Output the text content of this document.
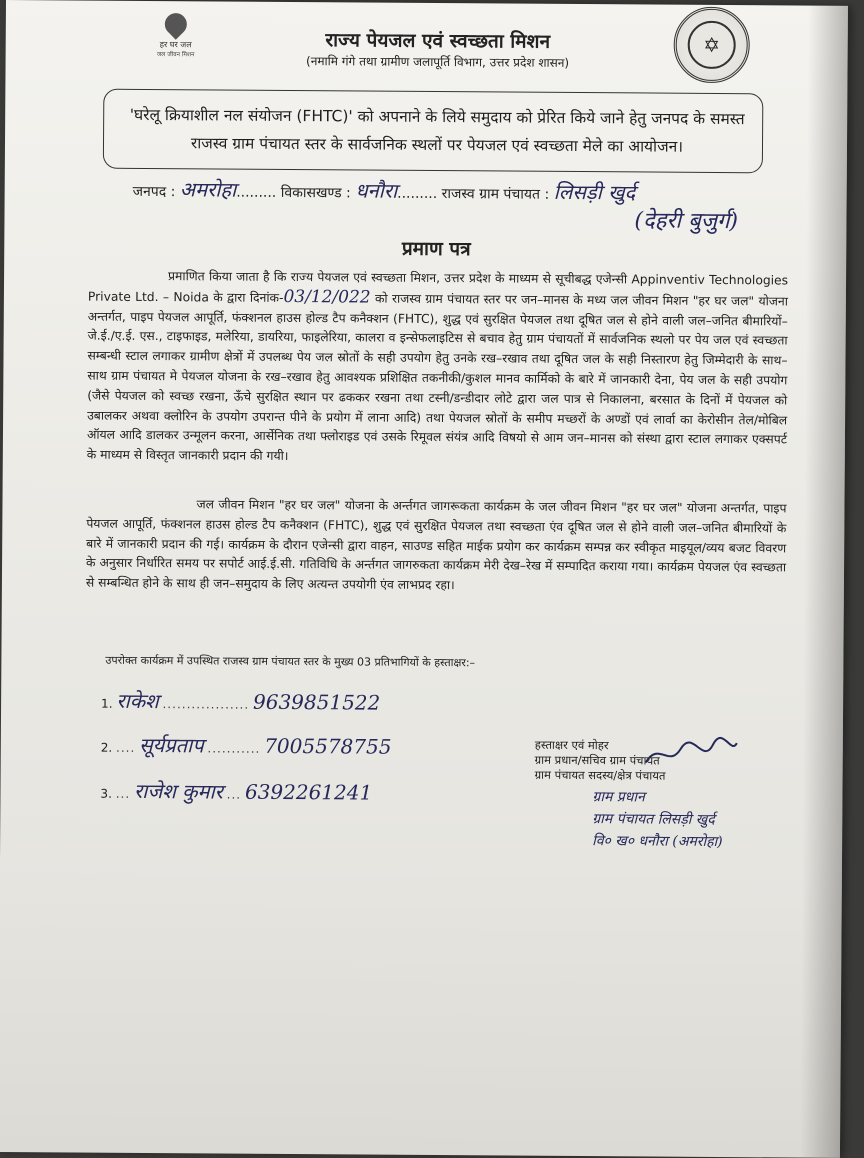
हर घर जल
जल जीवन मिशन	✡
राज्य पेयजल एवं स्वच्छता मिशन
(नमामि गंगे तथा ग्रामीण जलापूर्ति विभाग, उत्तर प्रदेश शासन)
'घरेलू क्रियाशील नल संयोजन (FHTC)' को अपनाने के लिये समुदाय को प्रेरित किये जाने हेतु जनपद के समस्त राजस्व ग्राम पंचायत स्तर के सार्वजनिक स्थलों पर पेयजल एवं स्वच्छता मेले का आयोजन।
जनपद : अमरोहा......... विकासखण्ड : धनौरा......... राजस्व ग्राम पंचायत : लिसड़ी खुर्द
(देहरी बुजुर्ग)
प्रमाण पत्र
प्रमाणित किया जाता है कि राज्य पेयजल एवं स्वच्छता मिशन, उत्तर प्रदेश के माध्यम से सूचीबद्ध एजेन्सी Appinventiv Technologies Private Ltd. – Noida के द्वारा दिनांक-03/12/022 को राजस्व ग्राम पंचायत स्तर पर जन–मानस के मध्य जल जीवन मिशन "हर घर जल" योजना अन्तर्गत, पाइप पेयजल आपूर्ति, फंक्शनल हाउस होल्ड टैप कनैक्शन (FHTC), शुद्ध एवं सुरक्षित पेयजल तथा दूषित जल से होने वाली जल–जनित बीमारियों–जे.ई./ए.ई. एस., टाइफाइड, मलेरिया, डायरिया, फाइलेरिया, कालरा व इन्सेफलाइटिस से बचाव हेतु ग्राम पंचायतों में सार्वजनिक स्थलो पर पेय जल एवं स्वच्छता सम्बन्धी स्टाल लगाकर ग्रामीण क्षेत्रों में उपलब्ध पेय जल स्रोतों के सही उपयोग हेतु उनके रख–रखाव तथा दूषित जल के सही निस्तारण हेतु जिम्मेदारी के साथ–साथ ग्राम पंचायत मे पेयजल योजना के रख–रखाव हेतु आवश्यक प्रशिक्षित तकनीकी/कुशल मानव कार्मिको के बारे में जानकारी देना, पेय जल के सही उपयोग (जैसे पेयजल को स्वच्छ रखना, ऊँचे सुरक्षित स्थान पर ढककर रखना तथा टस्नी/डन्डीदार लोटे द्वारा जल पात्र से निकालना, बरसात के दिनों में पेयजल को उबालकर अथवा क्लोरिन के उपयोग उपरान्त पीने के प्रयोग में लाना आदि) तथा पेयजल स्रोतों के समीप मच्छरों के अण्डों एवं लार्वा का केरोसीन तेल/मोबिल ऑयल आदि डालकर उन्मूलन करना, आर्सेनिक तथा फ्लोराइड एवं उसके रिमूवल संयंत्र आदि विषयो से आम जन–मानस को संस्था द्वारा स्टाल लगाकर एक्सपर्ट के माध्यम से विस्तृत जानकारी प्रदान की गयी।
जल जीवन मिशन "हर घर जल" योजना के अर्न्तगत जागरूकता कार्यक्रम के जल जीवन मिशन "हर घर जल" योजना अन्तर्गत, पाइप पेयजल आपूर्ति, फंक्शनल हाउस होल्ड टैप कनैक्शन (FHTC), शुद्ध एवं सुरक्षित पेयजल तथा स्वच्छता एंव दूषित जल से होने वाली जल–जनित बीमारियों के बारे में जानकारी प्रदान की गई। कार्यक्रम के दौरान एजेन्सी द्वारा वाहन, साउण्ड सहित माईक प्रयोग कर कार्यक्रम सम्पन्न कर स्वीकृत माइयूल/व्यय बजट विवरण के अनुसार निर्धारित समय पर सपोर्ट आई.ई.सी. गतिविधि के अर्न्तगत जागरुकता कार्यक्रम मेरी देख–रेख में सम्पादित कराया गया। कार्यक्रम पेयजल एंव स्वच्छता से सम्बन्धित होने के साथ ही जन–समुदाय के लिए अत्यन्त उपयोगी एंव लाभप्रद रहा।
उपरोक्त कार्यक्रम में उपस्थित राजस्व ग्राम पंचायत स्तर के मुख्य 03 प्रतिभागियों के हस्ताक्षर:–
1. राकेश .................. 9639851522
2. .... सूर्यप्रताप ........... 7005578755
3. ... राजेश कुमार ... 6392261241
हस्ताक्षर एवं मोहर
ग्राम प्रधान/सचिव ग्राम पंचायत
ग्राम पंचायत सदस्य/क्षेत्र पंचायत
ग्राम प्रधान
ग्राम पंचायत लिसड़ी खुर्द
वि० ख० धनौरा (अमरोहा)
